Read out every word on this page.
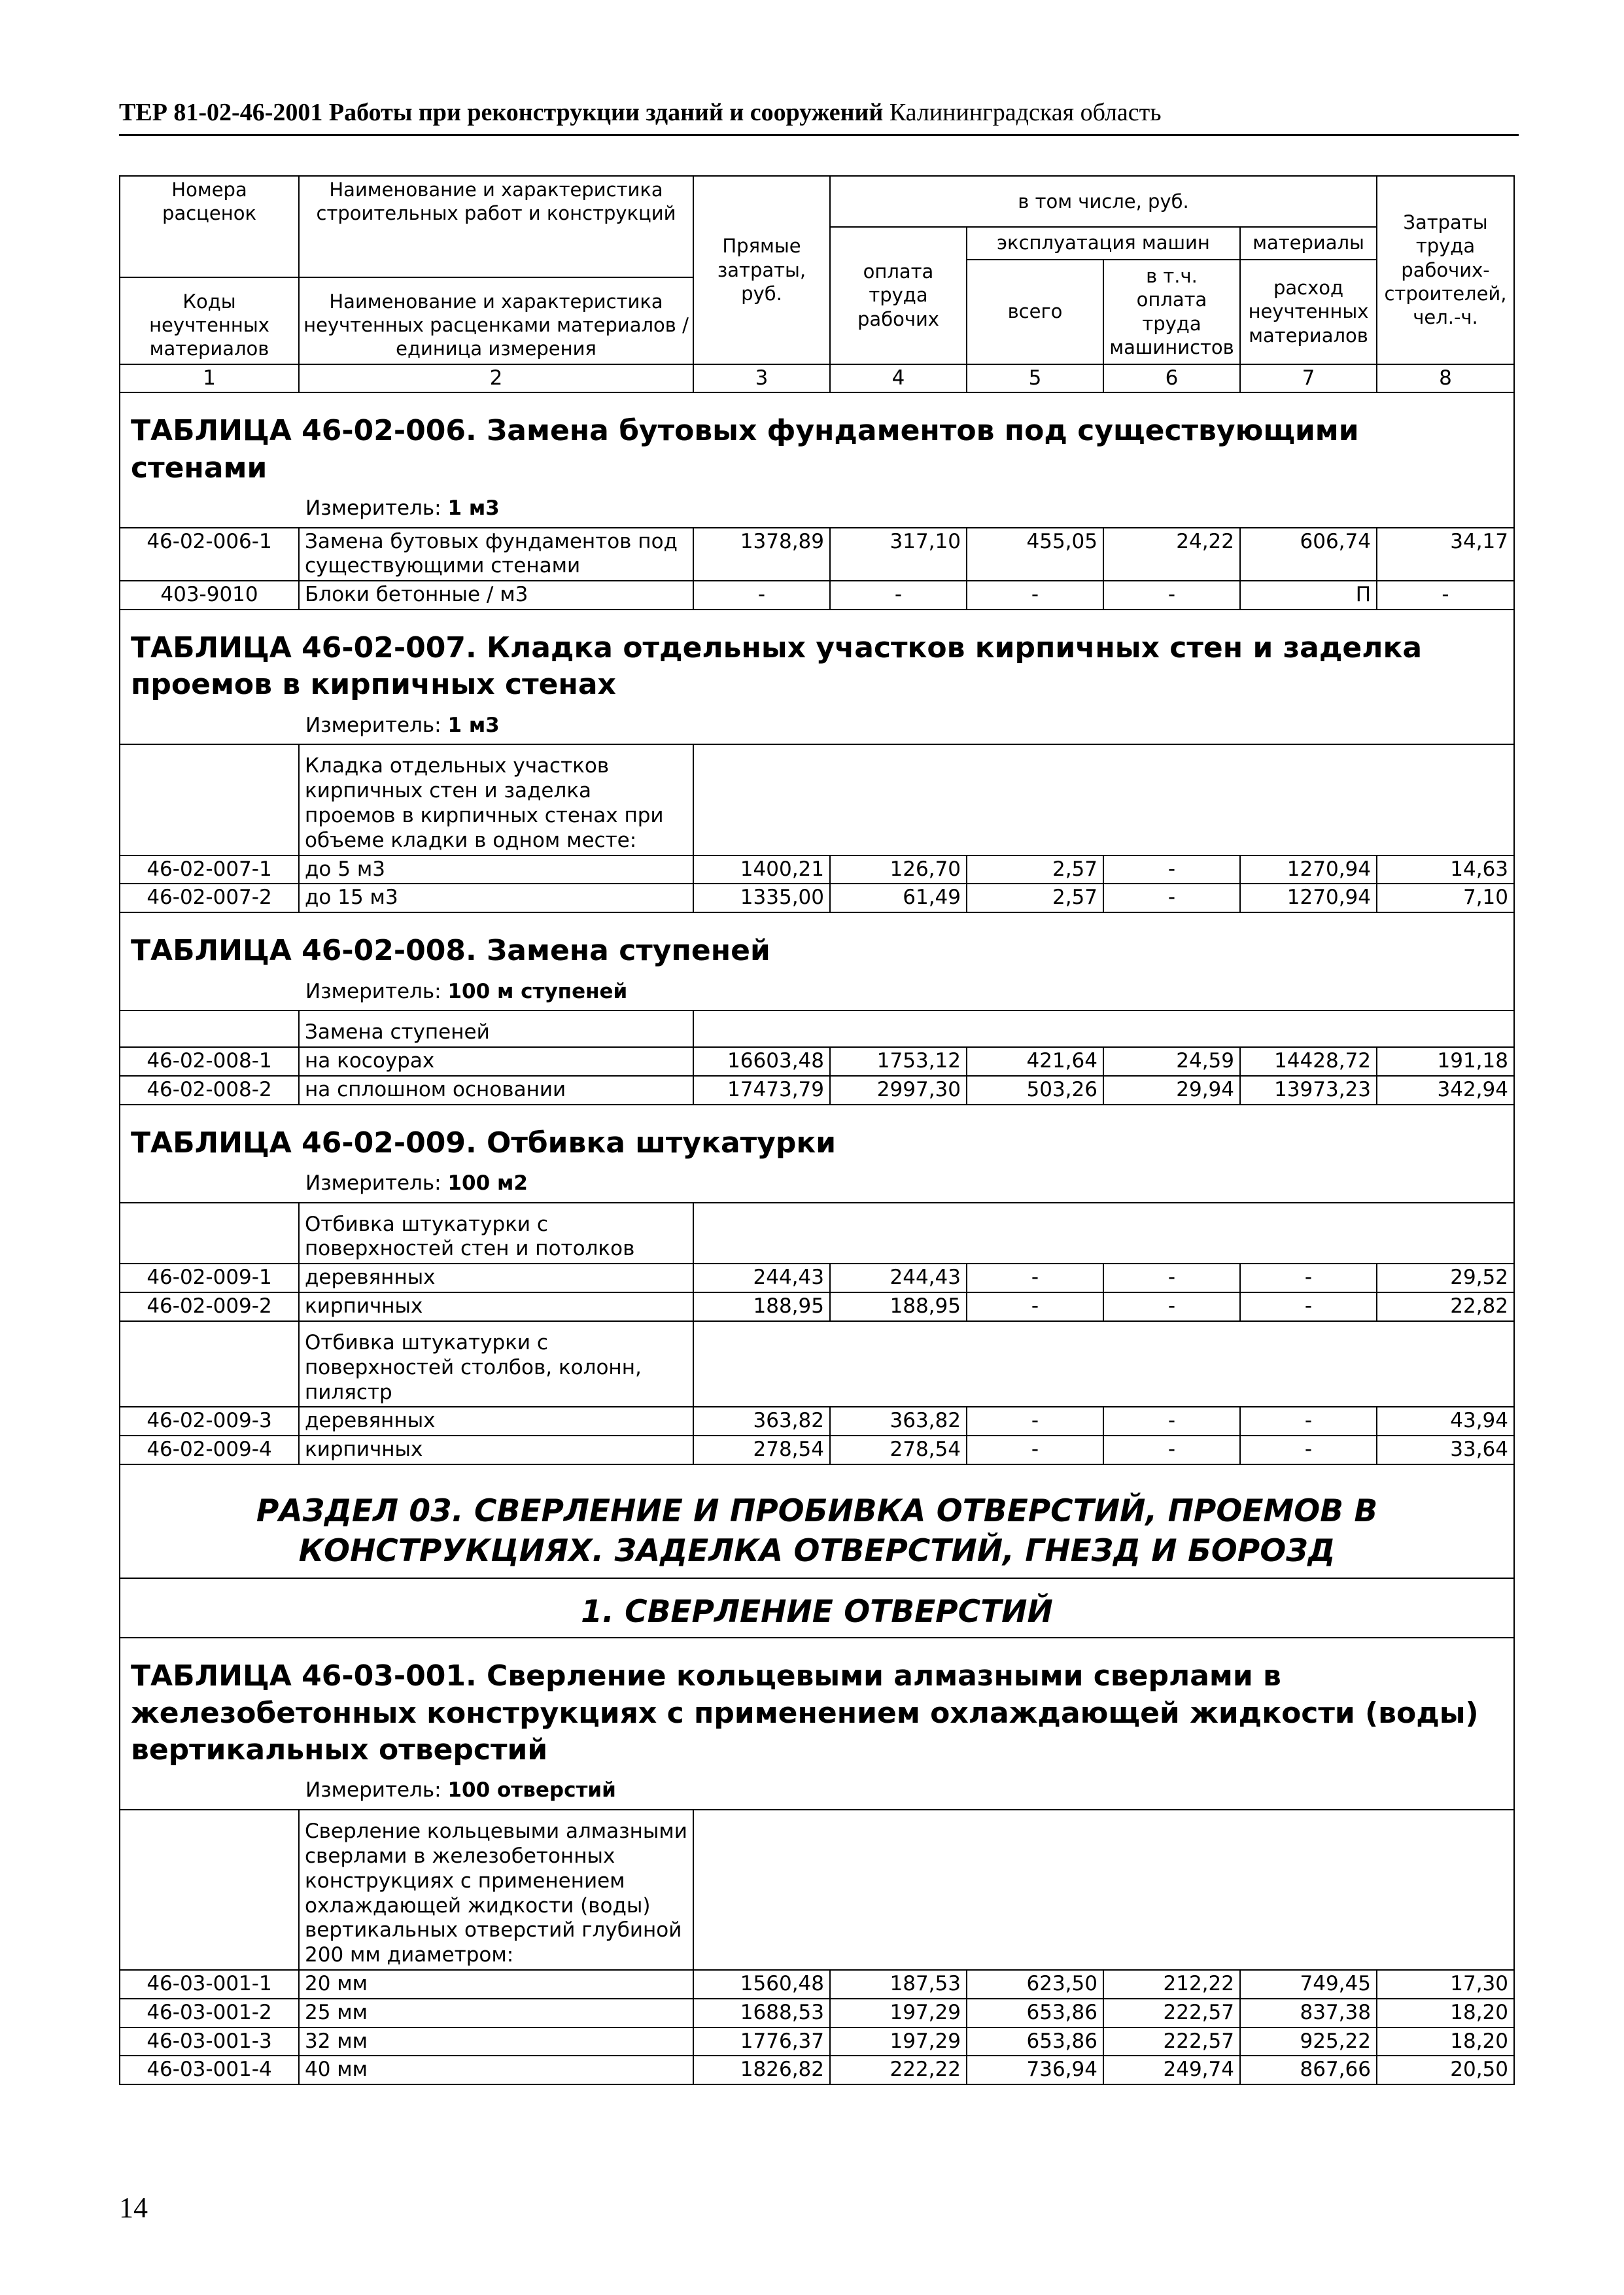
ТЕР 81-02-46-2001 Работы при реконструкции зданий и сооружений Калининградская область
Номера расценок	Наименование и характеристика строительных работ и конструкций	Прямые затраты, руб.	в том числе, руб.				Затраты труда рабочих-строителей, чел.-ч.

Коды неучтенных материалов	Наименование и характеристика неучтенных расценками материалов / единица измерения		оплата труда рабочих	эксплуатация машин		материалы	
				всего	в т.ч. оплата труда машинистов	расход неучтенных материалов	
1	2	3	4	5	6	7	8
ТАБЛИЦА 46-02-006. Замена бутовых фундаментов под существующими стенами
Измеритель: 1 м3							

46-02-006-1	Замена бутовых фундаментов под существующими стенами	1378,89	317,10	455,05	24,22	606,74	34,17
403-9010	Блоки бетонные / м3	-	-	-	-	П	-
ТАБЛИЦА 46-02-007. Кладка отдельных участков кирпичных стен и заделка проемов в кирпичных стенах
Измеритель: 1 м3							

	Кладка отдельных участков кирпичных стен и заделка проемов в кирпичных стенах при объеме кладки в одном месте:						
46-02-007-1	до 5 м3	1400,21	126,70	2,57	-	1270,94	14,63
46-02-007-2	до 15 м3	1335,00	61,49	2,57	-	1270,94	7,10
ТАБЛИЦА 46-02-008. Замена ступеней
Измеритель: 100 м ступеней							

	Замена ступеней						
46-02-008-1	на косоурах	16603,48	1753,12	421,64	24,59	14428,72	191,18
46-02-008-2	на сплошном основании	17473,79	2997,30	503,26	29,94	13973,23	342,94
ТАБЛИЦА 46-02-009. Отбивка штукатурки
Измеритель: 100 м2							

	Отбивка штукатурки с поверхностей стен и потолков						
46-02-009-1	деревянных	244,43	244,43	-	-	-	29,52
46-02-009-2	кирпичных	188,95	188,95	-	-	-	22,82
	Отбивка штукатурки с поверхностей столбов, колонн, пилястр						
46-02-009-3	деревянных	363,82	363,82	-	-	-	43,94
46-02-009-4	кирпичных	278,54	278,54	-	-	-	33,64
РАЗДЕЛ 03. СВЕРЛЕНИЕ И ПРОБИВКА ОТВЕРСТИЙ, ПРОЕМОВ В КОНСТРУКЦИЯХ. ЗАДЕЛКА ОТВЕРСТИЙ, ГНЕЗД И БОРОЗД							
1. СВЕРЛЕНИЕ ОТВЕРСТИЙ							
ТАБЛИЦА 46-03-001. Сверление кольцевыми алмазными сверлами в железобетонных конструкциях с применением охлаждающей жидкости (воды) вертикальных отверстий
Измеритель: 100 отверстий							

	Сверление кольцевыми алмазными сверлами в железобетонных конструкциях с применением охлаждающей жидкости (воды) вертикальных отверстий глубиной 200 мм диаметром:						
46-03-001-1	20 мм	1560,48	187,53	623,50	212,22	749,45	17,30
46-03-001-2	25 мм	1688,53	197,29	653,86	222,57	837,38	18,20
46-03-001-3	32 мм	1776,37	197,29	653,86	222,57	925,22	18,20
46-03-001-4	40 мм	1826,82	222,22	736,94	249,74	867,66	20,50
14
